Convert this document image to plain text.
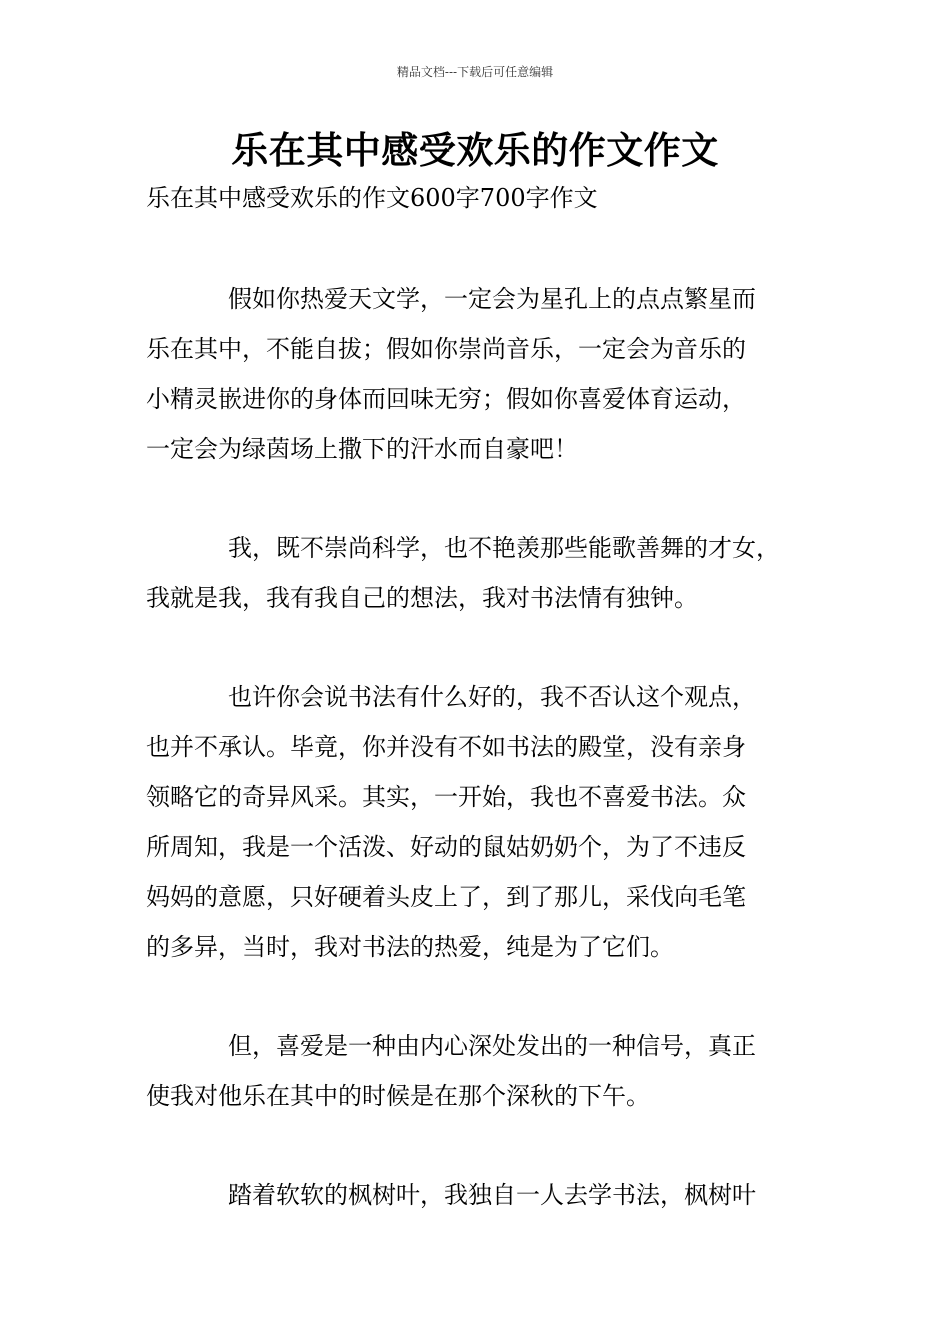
精品文档---下载后可任意编辑
乐在其中感受欢乐的作文作文
乐在其中感受欢乐的作文600字700字作文
假如你热爱天文学，一定会为星孔上的点点繁星而
乐在其中，不能自拔；假如你崇尚音乐，一定会为音乐的
小精灵嵌进你的身体而回味无穷；假如你喜爱体育运动，
一定会为绿茵场上撒下的汗水而自豪吧！
我，既不崇尚科学，也不艳羡那些能歌善舞的才女，
我就是我，我有我自己的想法，我对书法情有独钟。
也许你会说书法有什么好的，我不否认这个观点，
也并不承认。毕竟，你并没有不如书法的殿堂，没有亲身
领略它的奇异风采。其实，一开始，我也不喜爱书法。众
所周知，我是一个活泼、好动的鼠姑奶奶个，为了不违反
妈妈的意愿，只好硬着头皮上了，到了那儿，采伐向毛笔
的多异，当时，我对书法的热爱，纯是为了它们。
但，喜爱是一种由内心深处发出的一种信号，真正
使我对他乐在其中的时候是在那个深秋的下午。
踏着软软的枫树叶，我独自一人去学书法，枫树叶
